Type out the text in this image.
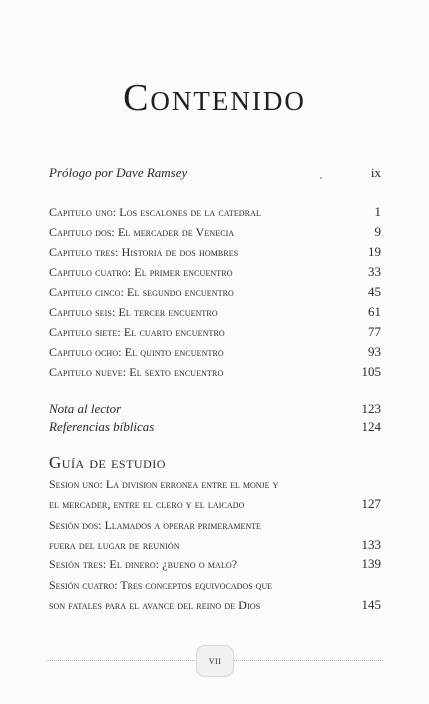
Contenido
Prólogo por Dave Ramsey	ix
Capitulo uno: Los escalones de la catedral	1
Capitulo dos: El mercader de Venecia	9
Capitulo tres: Historia de dos hombres	19
Capitulo cuatro: El primer encuentro	33
Capitulo cinco: El segundo encuentro	45
Capitulo seis: El tercer encuentro	61
Capitulo siete: El cuarto encuentro	77
Capitulo ocho: El quinto encuentro	93
Capitulo nueve: El sexto encuentro	105
Nota al lector	123
Referencias bíblicas	124
Guía de estudio
Sesion uno: La division erronea entre el monje y
el mercader, entre el clero y el laicado	127
Sesión dos: Llamados a operar primeramente
fuera del lugar de reunión	133
Sesión tres: El dinero: ¿bueno o malo?	139
Sesión cuatro: Tres conceptos equivocados que
son fatales para el avance del reino de Dios	145
vii
